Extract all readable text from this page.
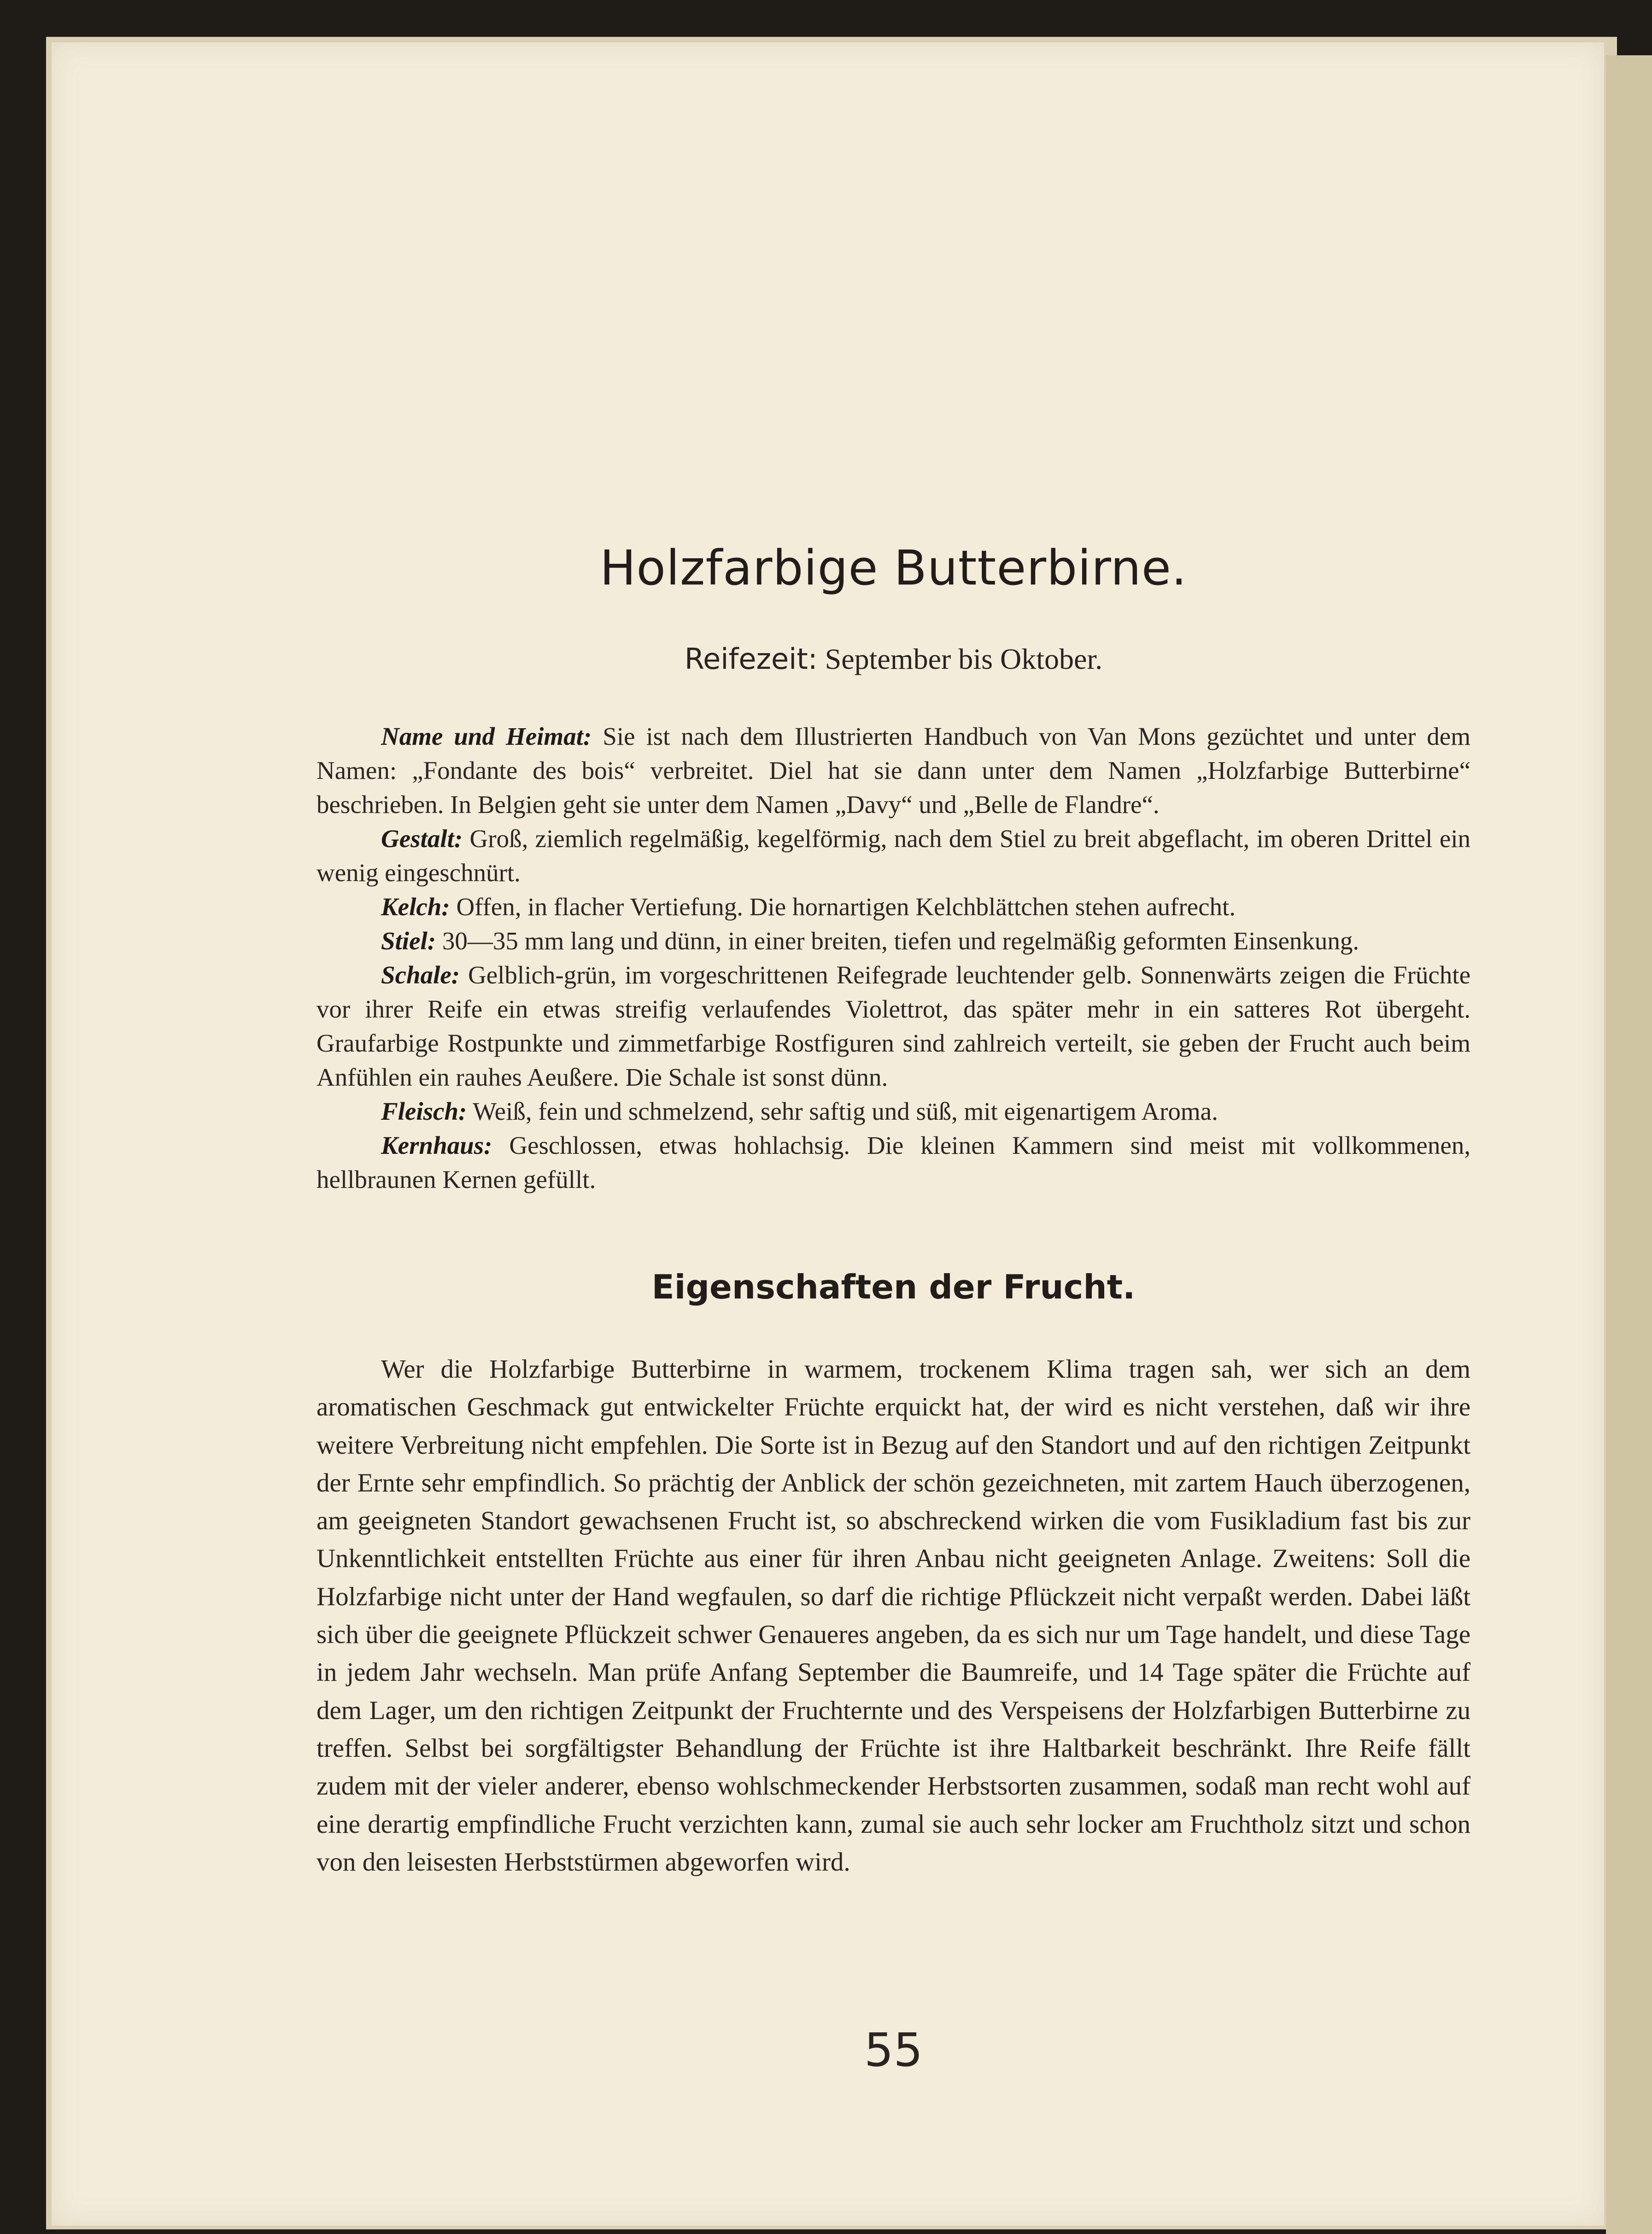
Holzfarbige Butterbirne.

Reifezeit: September bis Oktober.

Name und Heimat: Sie ist nach dem Illustrierten Handbuch von Van Mons gezüchtet und unter dem Namen: „Fondante des bois“ verbreitet. Diel hat sie dann unter dem Namen „Holzfarbige Butterbirne“ beschrieben. In Belgien geht sie unter dem Namen „Davy“ und „Belle de Flandre“.

Gestalt: Groß, ziemlich regelmäßig, kegelförmig, nach dem Stiel zu breit abgeflacht, im oberen Drittel ein wenig eingeschnürt.

Kelch: Offen, in flacher Vertiefung. Die hornartigen Kelchblättchen stehen aufrecht.

Stiel: 30—35 mm lang und dünn, in einer breiten, tiefen und regelmäßig geformten Einsenkung.

Schale: Gelblich-grün, im vorgeschrittenen Reifegrade leuchtender gelb. Sonnenwärts zeigen die Früchte vor ihrer Reife ein etwas streifig verlaufendes Violettrot, das später mehr in ein satteres Rot übergeht. Graufarbige Rostpunkte und zimmetfarbige Rostfiguren sind zahlreich verteilt, sie geben der Frucht auch beim Anfühlen ein rauhes Aeußere. Die Schale ist sonst dünn.

Fleisch: Weiß, fein und schmelzend, sehr saftig und süß, mit eigenartigem Aroma.

Kernhaus: Geschlossen, etwas hohlachsig. Die kleinen Kammern sind meist mit vollkommenen, hellbraunen Kernen gefüllt.

Eigenschaften der Frucht.

Wer die Holzfarbige Butterbirne in warmem, trockenem Klima tragen sah, wer sich an dem aromatischen Geschmack gut entwickelter Früchte erquickt hat, der wird es nicht verstehen, daß wir ihre weitere Verbreitung nicht empfehlen. Die Sorte ist in Bezug auf den Standort und auf den richtigen Zeitpunkt der Ernte sehr empfindlich. So prächtig der Anblick der schön gezeichneten, mit zartem Hauch überzogenen, am geeigneten Standort gewachsenen Frucht ist, so abschreckend wirken die vom Fusikladium fast bis zur Unkenntlichkeit entstellten Früchte aus einer für ihren Anbau nicht geeigneten Anlage. Zweitens: Soll die Holzfarbige nicht unter der Hand wegfaulen, so darf die richtige Pflückzeit nicht verpaßt werden. Dabei läßt sich über die geeignete Pflückzeit schwer Genaueres angeben, da es sich nur um Tage handelt, und diese Tage in jedem Jahr wechseln. Man prüfe Anfang September die Baumreife, und 14 Tage später die Früchte auf dem Lager, um den richtigen Zeitpunkt der Fruchternte und des Verspeisens der Holzfarbigen Butterbirne zu treffen. Selbst bei sorgfältigster Behandlung der Früchte ist ihre Haltbarkeit beschränkt. Ihre Reife fällt zudem mit der vieler anderer, ebenso wohlschmeckender Herbstsorten zusammen, sodaß man recht wohl auf eine derartig empfindliche Frucht verzichten kann, zumal sie auch sehr locker am Fruchtholz sitzt und schon von den leisesten Herbststürmen abgeworfen wird.

55
